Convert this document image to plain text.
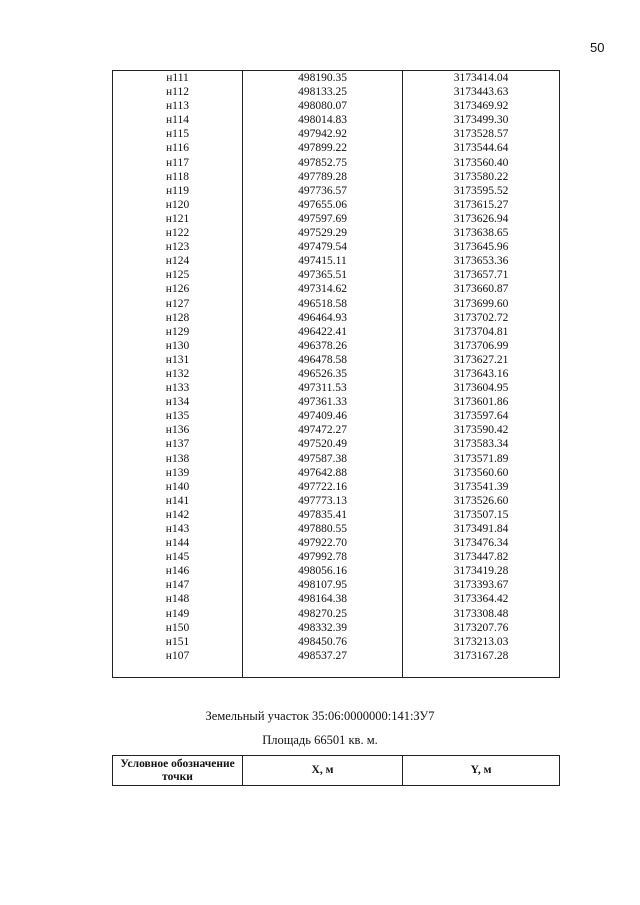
50
н111	498190.35	3173414.04
н112	498133.25	3173443.63
н113	498080.07	3173469.92
н114	498014.83	3173499.30
н115	497942.92	3173528.57
н116	497899.22	3173544.64
н117	497852.75	3173560.40
н118	497789.28	3173580.22
н119	497736.57	3173595.52
н120	497655.06	3173615.27
н121	497597.69	3173626.94
н122	497529.29	3173638.65
н123	497479.54	3173645.96
н124	497415.11	3173653.36
н125	497365.51	3173657.71
н126	497314.62	3173660.87
н127	496518.58	3173699.60
н128	496464.93	3173702.72
н129	496422.41	3173704.81
н130	496378.26	3173706.99
н131	496478.58	3173627.21
н132	496526.35	3173643.16
н133	497311.53	3173604.95
н134	497361.33	3173601.86
н135	497409.46	3173597.64
н136	497472.27	3173590.42
н137	497520.49	3173583.34
н138	497587.38	3173571.89
н139	497642.88	3173560.60
н140	497722.16	3173541.39
н141	497773.13	3173526.60
н142	497835.41	3173507.15
н143	497880.55	3173491.84
н144	497922.70	3173476.34
н145	497992.78	3173447.82
н146	498056.16	3173419.28
н147	498107.95	3173393.67
н148	498164.38	3173364.42
н149	498270.25	3173308.48
н150	498332.39	3173207.76
н151	498450.76	3173213.03
н107	498537.27	3173167.28

Земельный участок 35:06:0000000:141:ЗУ7
Площадь 66501 кв. м.
Условное обозначение точки	X, м	Y, м
